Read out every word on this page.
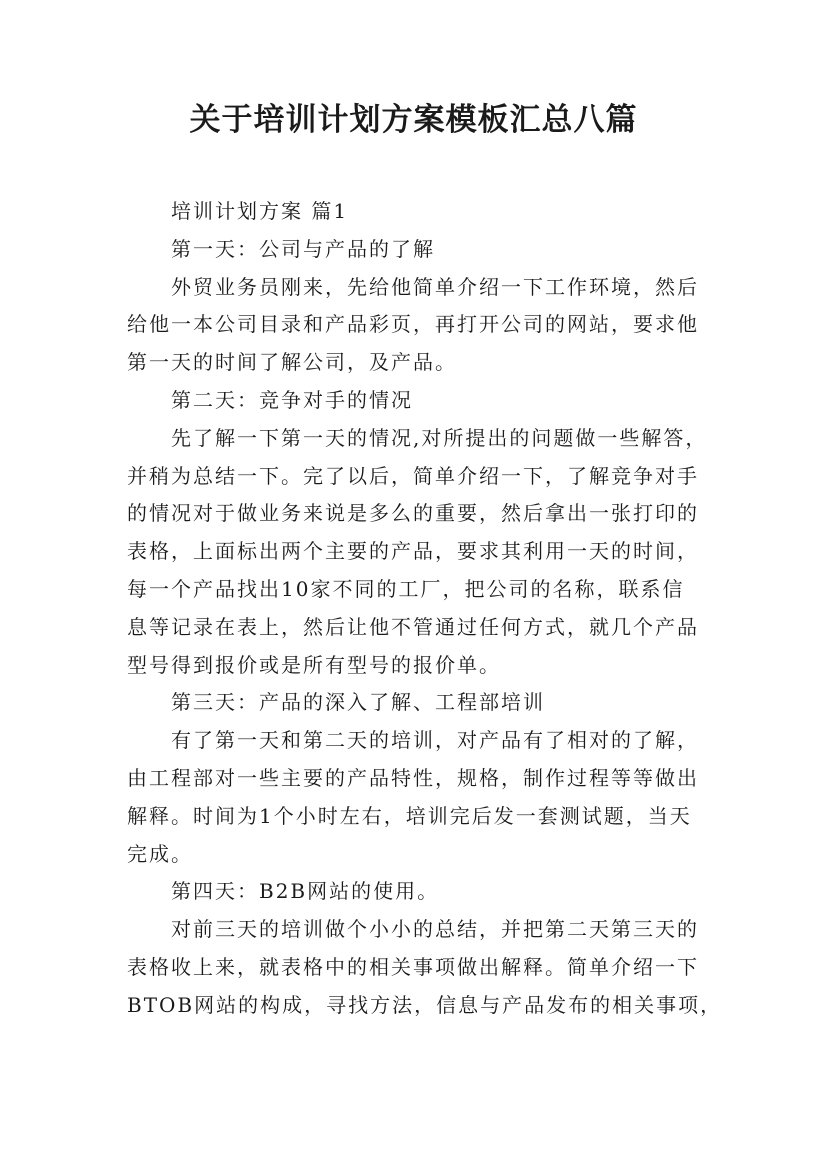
关于培训计划方案模板汇总八篇
培训计划方案 篇1
第一天：公司与产品的了解
外贸业务员刚来，先给他简单介绍一下工作环境，然后
给他一本公司目录和产品彩页，再打开公司的网站，要求他
第一天的时间了解公司，及产品。
第二天：竞争对手的情况
先了解一下第一天的情况,对所提出的问题做一些解答，
并稍为总结一下。完了以后，简单介绍一下，了解竞争对手
的情况对于做业务来说是多么的重要，然后拿出一张打印的
表格，上面标出两个主要的产品，要求其利用一天的时间，
每一个产品找出10家不同的工厂，把公司的名称，联系信
息等记录在表上，然后让他不管通过任何方式，就几个产品
型号得到报价或是所有型号的报价单。
第三天：产品的深入了解、工程部培训
有了第一天和第二天的培训，对产品有了相对的了解，
由工程部对一些主要的产品特性，规格，制作过程等等做出
解释。时间为1个小时左右，培训完后发一套测试题，当天
完成。
第四天：B2B网站的使用。
对前三天的培训做个小小的总结，并把第二天第三天的
表格收上来，就表格中的相关事项做出解释。简单介绍一下
BTOB网站的构成，寻找方法，信息与产品发布的相关事项，
